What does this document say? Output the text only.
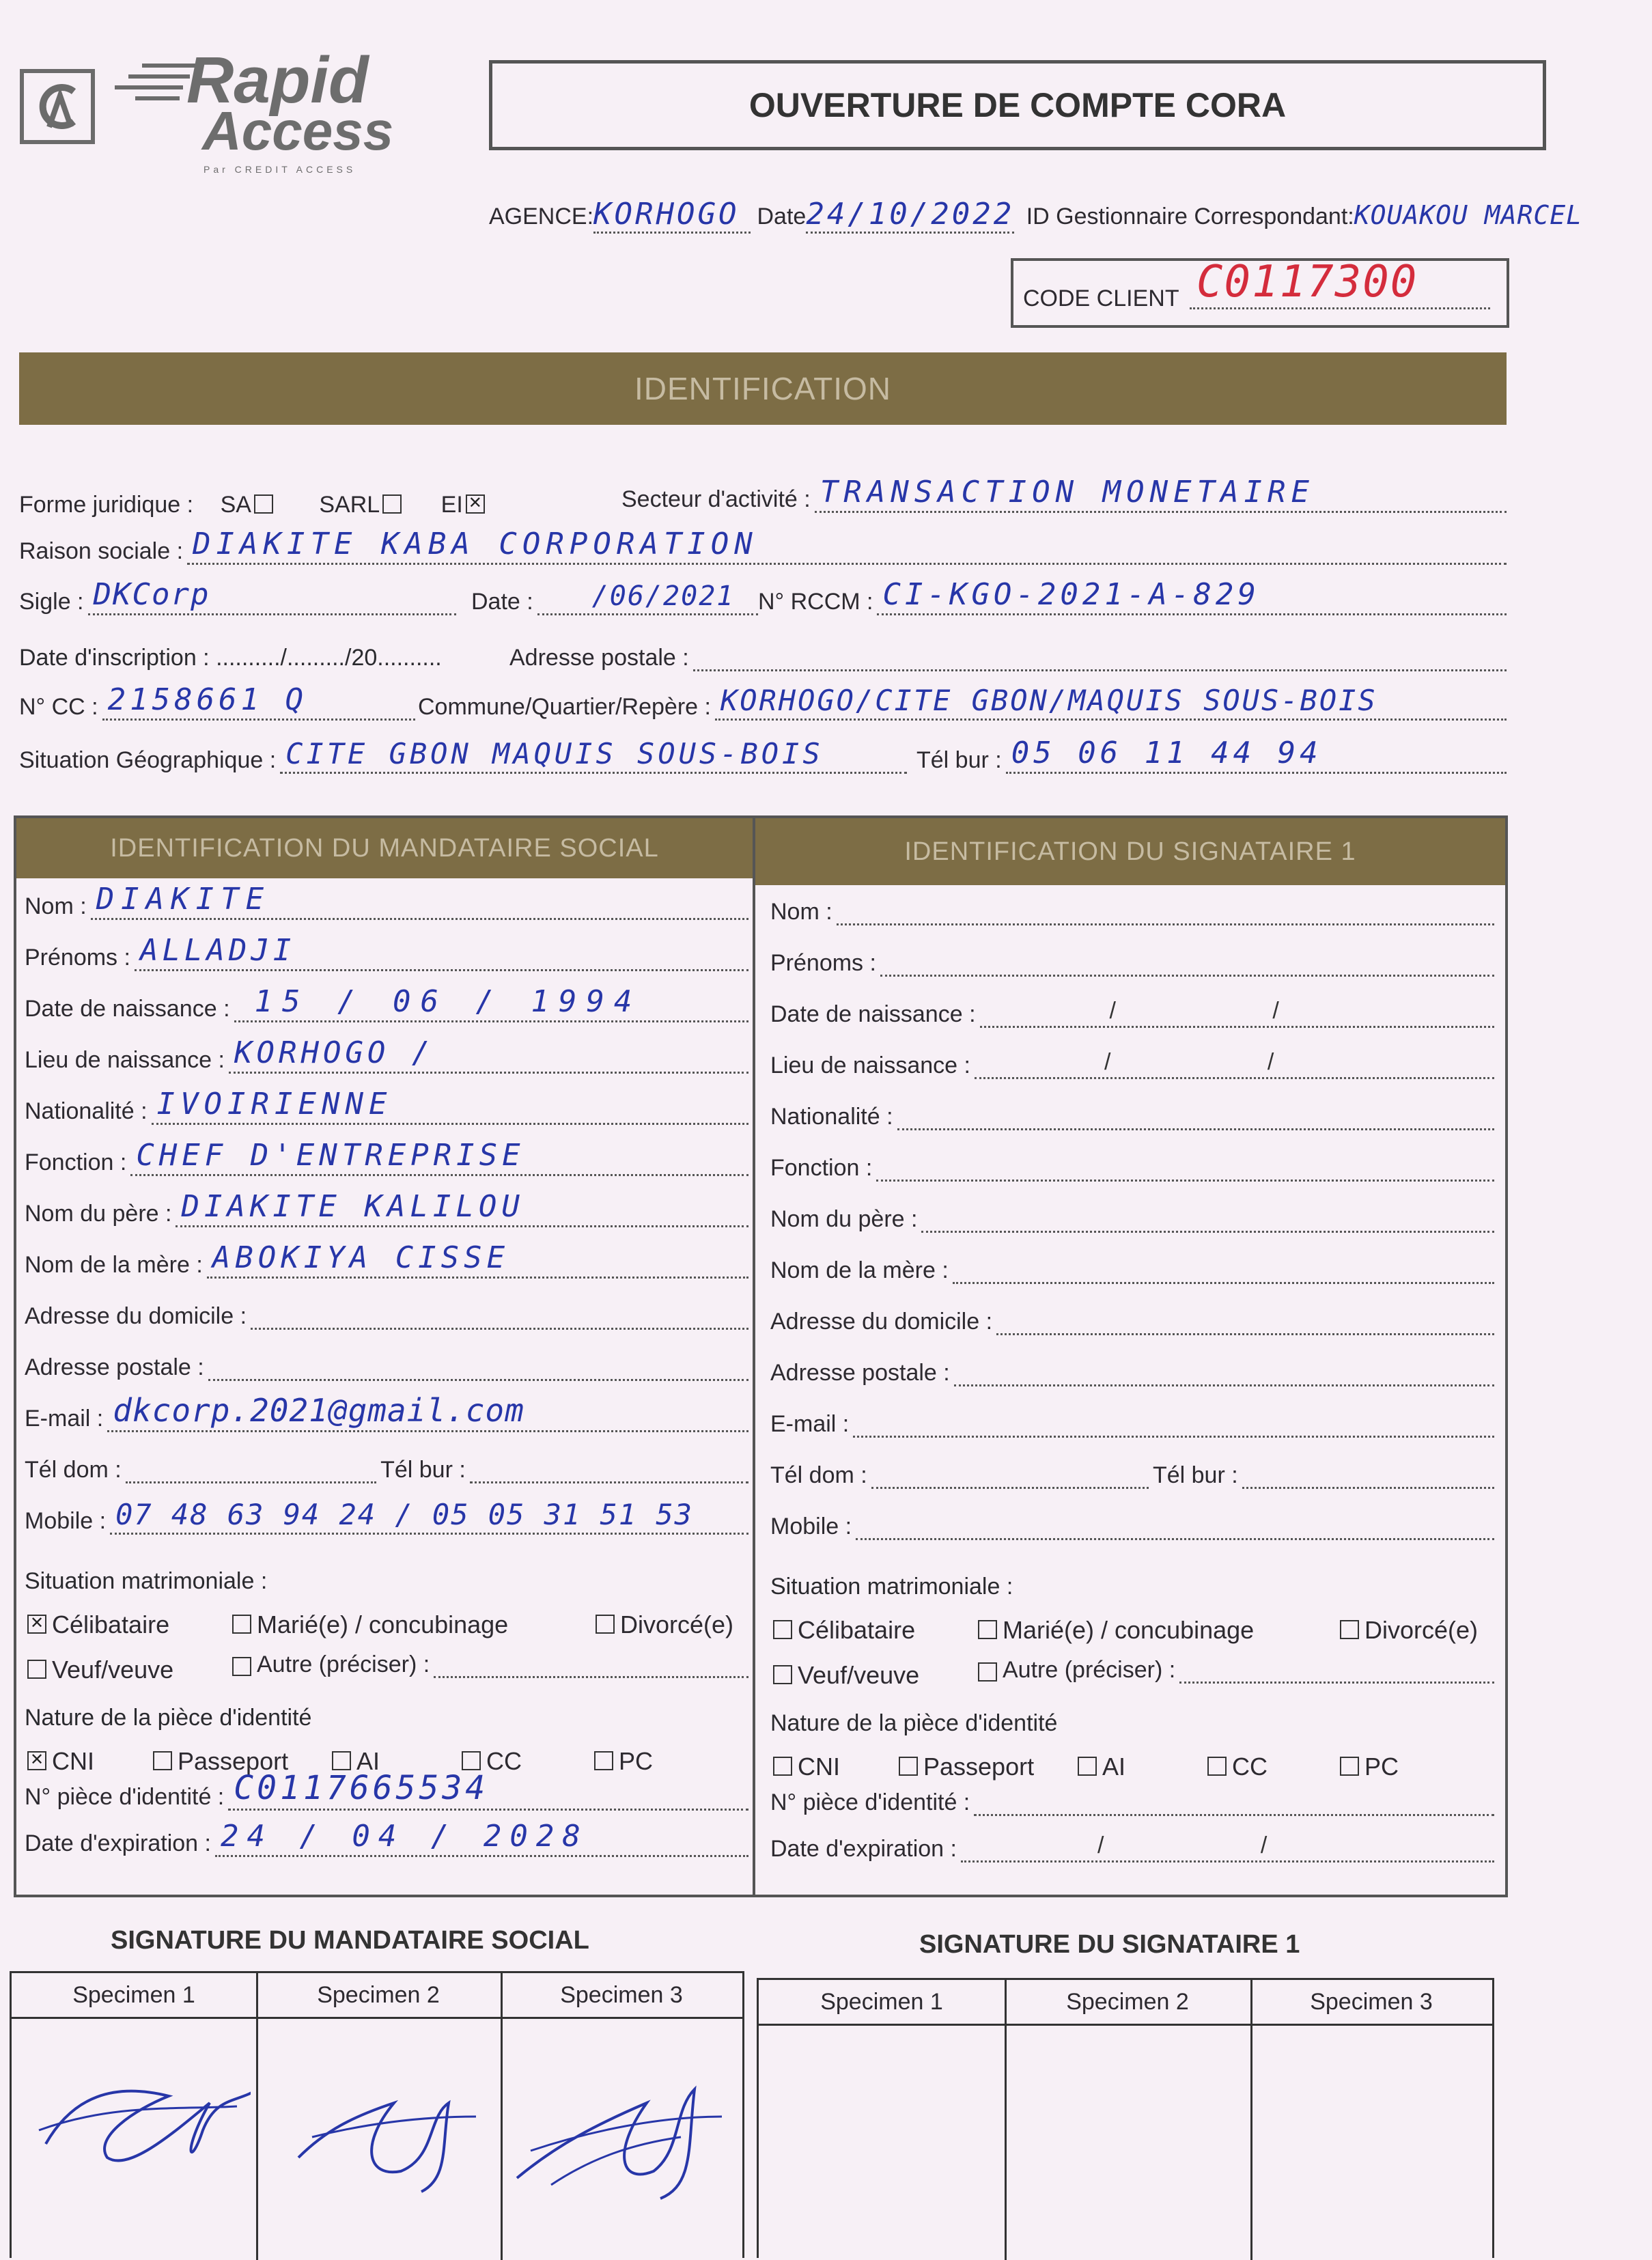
Rapid
Access
Par CREDIT ACCESS
OUVERTURE DE COMPTE CORA
AGENCE:KORHOGO Date24/10/2022 ID Gestionnaire Correspondant:KOUAKOU MARCEL
CODE CLIENT C0117300
IDENTIFICATION
Forme juridique : SA	SARL	EI ✕	Secteur d'activité : TRANSACTION MONETAIRE
Raison sociale : DIAKITE KABA CORPORATION
Sigle : DKCorp	Date : /06/2021 N° RCCM : CI-KGO-2021-A-829
Date d'inscription : ........../........./20..........	Adresse postale :
N° CC : 2158661 Q	Commune/Quartier/Repère : KORHOGO/CITE GBON/MAQUIS SOUS-BOIS
Situation Géographique : CITE GBON MAQUIS SOUS-BOIS	Tél bur : 05 06 11 44 94
IDENTIFICATION DU MANDATAIRE SOCIAL	IDENTIFICATION DU SIGNATAIRE 1
Nom : DIAKITE
Prénoms : ALLADJI
Date de naissance : 15 / 06 / 1994
Lieu de naissance : KORHOGO /
Nationalité : IVOIRIENNE
Fonction : CHEF D'ENTREPRISE
Nom du père : DIAKITE KALILOU
Nom de la mère : ABOKIYA CISSE
Adresse du domicile :
Adresse postale :
E-mail : dkcorp.2021@gmail.com
Tél dom :	Tél bur :
Mobile : 07 48 63 94 24 / 05 05 31 51 53
Situation matrimoniale :
✕ Célibataire	Marié(e) / concubinage	Divorcé(e)
Veuf/veuve	Autre (préciser) :
Nature de la pièce d'identité
✕ CNI	Passeport	AI	CC	PC
N° pièce d'identité : C0117665534
Date d'expiration : 24 / 04 / 2028
Nom :
Prénoms :
Date de naissance :	/ /
Lieu de naissance :	/ /
Nationalité :
Fonction :
Nom du père :
Nom de la mère :
Adresse du domicile :
Adresse postale :
E-mail :
Tél dom :	Tél bur :
Mobile :
Situation matrimoniale :
Célibataire	Marié(e) / concubinage	Divorcé(e)
Veuf/veuve	Autre (préciser) :
Nature de la pièce d'identité
CNI	Passeport	AI	CC	PC
N° pièce d'identité :
Date d'expiration :	/ /
SIGNATURE DU MANDATAIRE SOCIAL	SIGNATURE DU SIGNATAIRE 1
Specimen 1	Specimen 2	Specimen 3	Specimen 1	Specimen 2	Specimen 3
